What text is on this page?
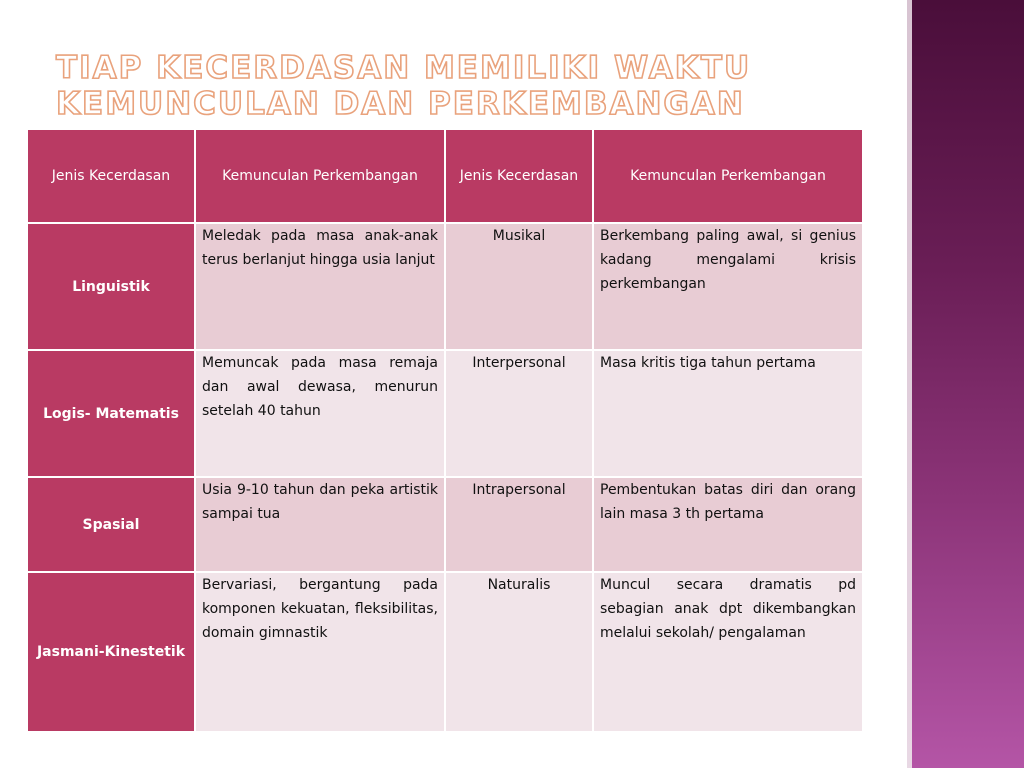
TIAP KECERDASAN MEMILIKI WAKTU KEMUNCULAN DAN PERKEMBANGAN
Jenis Kecerdasan	Kemunculan Perkembangan	Jenis Kecerdasan	Kemunculan Perkembangan
Linguistik	Meledak pada masa anak-anak terus berlanjut hingga usia lanjut	Musikal	Berkembang paling awal, si genius kadang mengalami krisis perkembangan
Logis- Matematis	Memuncak pada masa remaja dan awal dewasa, menurun setelah 40 tahun	Interpersonal	Masa kritis tiga tahun pertama
Spasial	Usia 9-10 tahun dan peka artistik sampai tua	Intrapersonal	Pembentukan batas diri dan orang lain masa 3 th pertama
Jasmani-Kinestetik	Bervariasi, bergantung pada komponen kekuatan, fleksibilitas, domain gimnastik	Naturalis	Muncul secara dramatis pd sebagian anak dpt dikembangkan melalui sekolah/ pengalaman
